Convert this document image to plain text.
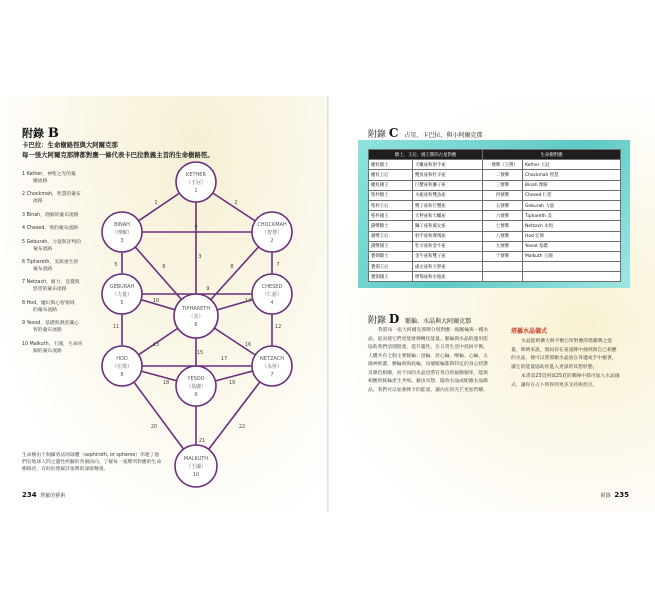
附錄 B
卡巴拉：生命樹路徑與大阿爾克那
每一張大阿爾克那牌都對應一條代表卡巴拉教義主旨的生命樹路徑。
1 Kether，神聖之光的彙
聚流路
2 Chockmah，智慧的彙布
流路
3 Binah，理解的彙布流路
4 Chesed，愛的彙布流路
5 Geburah，力量與評判的
彙布流路
6 Tiphareth，美與重生的
彙布流路
7 Netzach，耐力、直覺與
慾望的彙布流路
8 Hod，魔幻與心智領域
的彙布流路
9 Yesod，基礎與潛意識心
智的彙布流路
10 Malkuth，王國，生命回
歸的彙布流路
1	2
3
4
5	6	7
8
9
10
11	12
13
14
15
16
17
18	19
20
21
22
KETHER
（王冠）
1
CHOCKMAH
（智慧）
2
BINAH
（理解）
3
CHESED
（仁慈）
4
GEBURAH
（力量）
5
TIPHARETH
（美）
6
NETZACH
（永恆）
7
HOD
（宏偉）
8
YESOD
（基礎）
9
MALKUTH
（王國）
10
生命樹由十個攝勇法則球體（sephiroth, or spheres）串連了他們有地球人問之靈性經驗的各個面向，了解每一張牌所對應的生命樹路徑，有助於理解該張牌的深層精義。
234 塔羅的藝術
附錄 C 占星、卡巴拉、與小阿爾克那
騎士、王后、國王牌的占星對應		生命樹對應	
權杖騎士	天蠍座和射手座	一號牌（王牌）	Kether 王冠
權杖王后	雙魚座和牡羊座	二號牌	Chockmah 智慧
權杖國王	巨蟹座和獅子座	三號牌	Binah 理解
聖杯騎士	水瓶座和雙魚座	四號牌	Chesed 仁慈
聖杯王后	雙子座和巨蟹座	五號牌	Geburah 力量
聖杯國王	天秤座和天蠍座	六號牌	Tiphareth 美
錢幣騎士	獅子座和處女座	七號牌	Netzach 永恆
錢幣王后	射手座和摩羯座	八號牌	Hod 宏偉
錢幣國王	牡羊座和金牛座	九號牌	Yesod 基礎
寶劍騎士	金牛座和雙子座	十號牌	Malkuth 王國
寶劍王后	處女座和天秤座		
寶劍國王	摩羯座和水瓶座		
附錄 D 脈輪、水晶與大阿爾克那
我將每一張大阿爾克那牌分別對應一個脈輪與一種水晶，從而使它們更能發揮轉化能量。脈輪與水晶的運用能協助我們清理阻塞，提升靈性，在日常生活中找回平衡。人體共有七個主要脈輪：頂輪、眉心輪、喉輪、心輪、太陽神經叢、臍輪與海底輪，每個脈輪都與特定的身心狀態及顏色相關，而不同的水晶也帶有各自的振動頻率，能與相應的脈輪產生共鳴。藉由冥想、擺放水晶或配戴水晶飾品，我們可以加強牌卡的能量，讓內在的光芒更加閃耀。
塔羅水晶儀式

水晶能夠擴大與平衡它所對應的塔羅牌之能量，舉例來說，假如你在某張牌中抽到與自己相應的水晶，便可以將那顆水晶放在身邊或手中握著，讓它的能量協助你進入更深的冥想狀態。

本書第23頁到第25頁的牌陣中都可加入水晶儀式，讓你在占卜時得到更多支持與指引。

附錄 235
